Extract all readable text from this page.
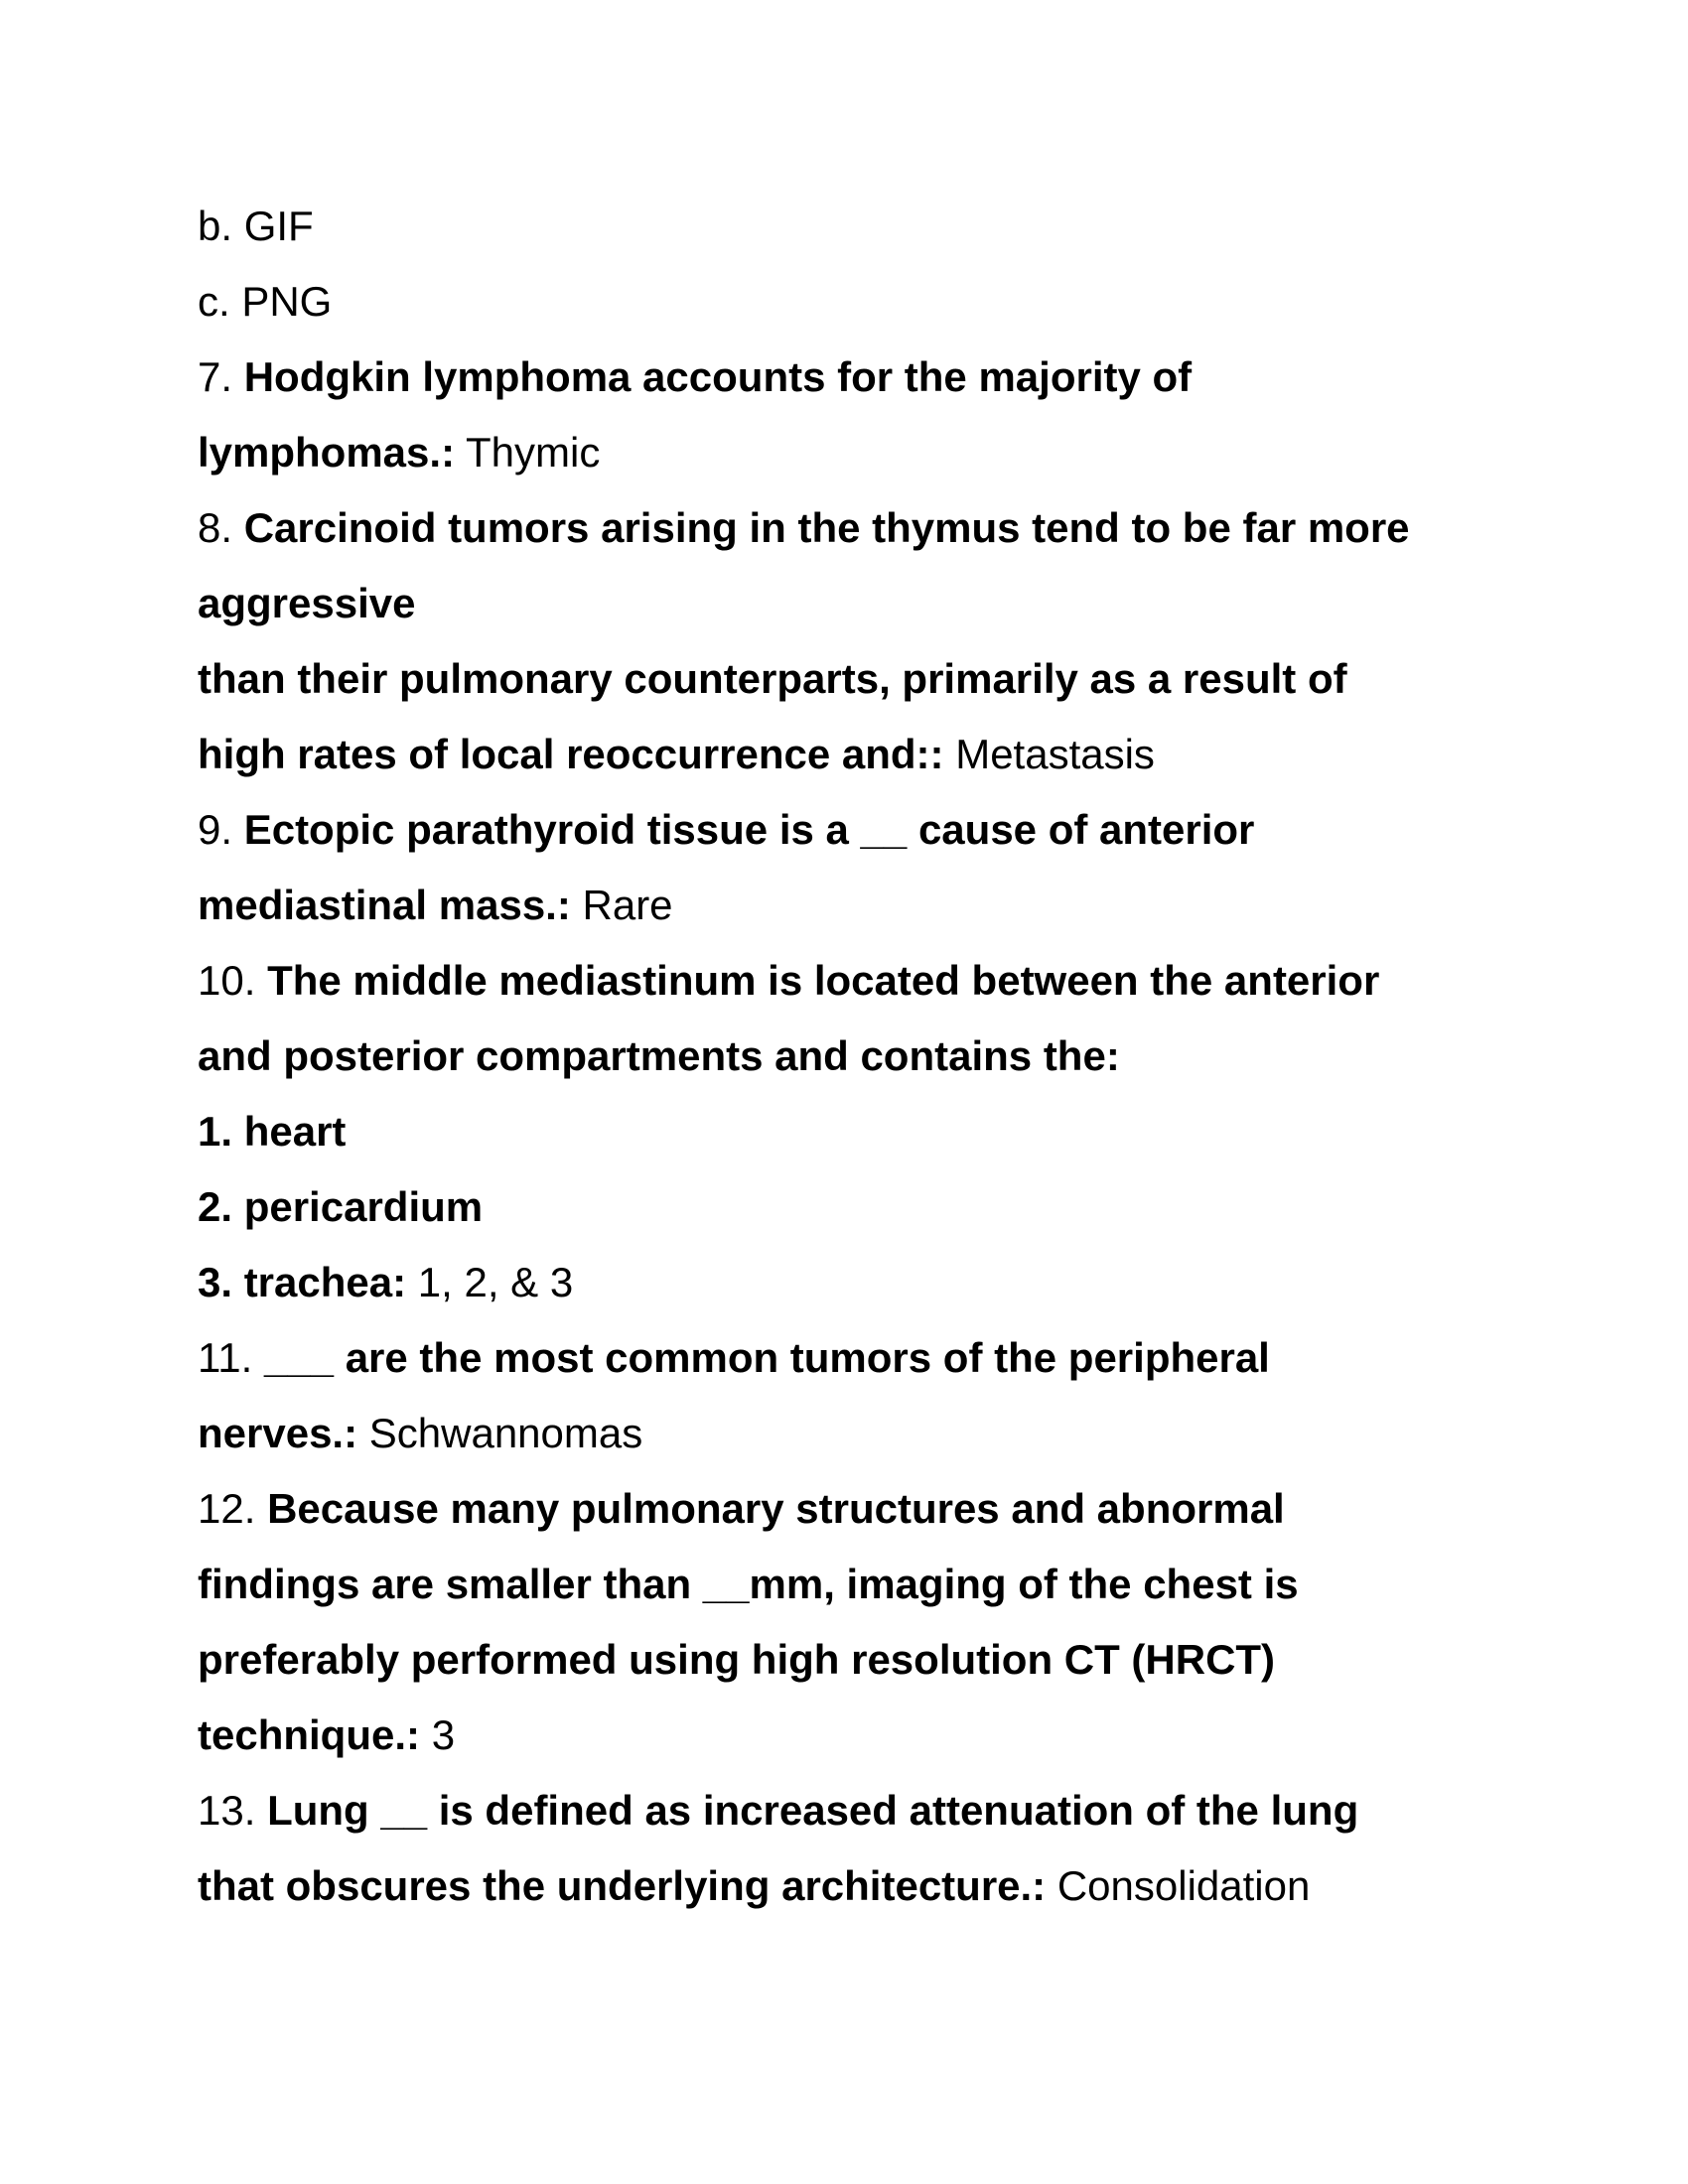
b. GIF
c. PNG
7. Hodgkin lymphoma accounts for the majority of
lymphomas.: Thymic
8. Carcinoid tumors arising in the thymus tend to be far more
aggressive
than their pulmonary counterparts, primarily as a result of
high rates of local reoccurrence and:: Metastasis
9. Ectopic parathyroid tissue is a __ cause of anterior
mediastinal mass.: Rare
10. The middle mediastinum is located between the anterior
and posterior compartments and contains the:
1. heart
2. pericardium
3. trachea: 1, 2, & 3
11. ___ are the most common tumors of the peripheral
nerves.: Schwannomas
12. Because many pulmonary structures and abnormal
findings are smaller than __mm, imaging of the chest is
preferably performed using high resolution CT (HRCT)
technique.: 3
13. Lung __ is defined as increased attenuation of the lung
that obscures the underlying architecture.: Consolidation
